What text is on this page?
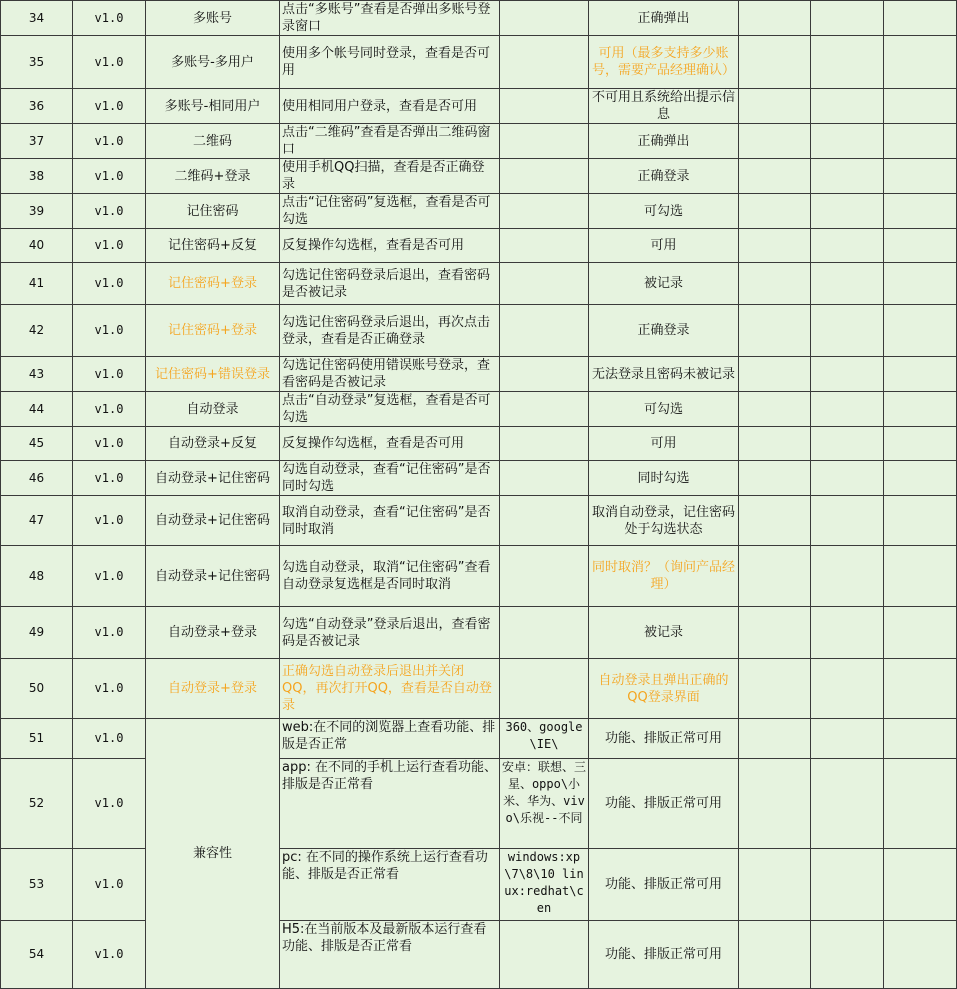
34	v1.0	多账号	点击“多账号”查看是否弹出多账号登录窗口		正确弹出			
35	v1.0	多账号-多用户	使用多个帐号同时登录，查看是否可用		可用（最多支持多少账号，需要产品经理确认）			
36	v1.0	多账号-相同用户	使用相同用户登录，查看是否可用		不可用且系统给出提示信息			
37	v1.0	二维码	点击“二维码”查看是否弹出二维码窗口		正确弹出			
38	v1.0	二维码+登录	使用手机QQ扫描，查看是否正确登录		正确登录			
39	v1.0	记住密码	点击“记住密码”复选框，查看是否可勾选		可勾选			
40	v1.0	记住密码+反复	反复操作勾选框，查看是否可用		可用			
41	v1.0	记住密码+登录	勾选记住密码登录后退出，查看密码是否被记录		被记录			
42	v1.0	记住密码+登录	勾选记住密码登录后退出，再次点击登录，查看是否正确登录		正确登录			
43	v1.0	记住密码+错误登录	勾选记住密码使用错误账号登录，查看密码是否被记录		无法登录且密码未被记录			
44	v1.0	自动登录	点击“自动登录”复选框，查看是否可勾选		可勾选			
45	v1.0	自动登录+反复	反复操作勾选框，查看是否可用		可用			
46	v1.0	自动登录+记住密码	勾选自动登录，查看“记住密码”是否同时勾选		同时勾选			
47	v1.0	自动登录+记住密码	取消自动登录，查看“记住密码”是否同时取消		取消自动登录，记住密码处于勾选状态			
48	v1.0	自动登录+记住密码	勾选自动登录，取消“记住密码”查看自动登录复选框是否同时取消		同时取消？（询问产品经理）			
49	v1.0	自动登录+登录	勾选“自动登录”登录后退出，查看密码是否被记录		被记录			
50	v1.0	自动登录+登录	正确勾选自动登录后退出并关闭QQ，再次打开QQ，查看是否自动登录		自动登录且弹出正确的QQ登录界面			
51	v1.0	兼容性	web:在不同的浏览器上查看功能、排版是否正常	360、google\IE\	功能、排版正常可用			
52	v1.0		app: 在不同的手机上运行查看功能、排版是否正常看	安卓：联想、三星、oppo\小米、华为、vivo\乐视--不同	功能、排版正常可用			
53	v1.0		pc: 在不同的操作系统上运行查看功能、排版是否正常看	windows:xp\7\8\10 linux:redhat\cen	功能、排版正常可用			
54	v1.0		H5:在当前版本及最新版本运行查看功能、排版是否正常看		功能、排版正常可用			
